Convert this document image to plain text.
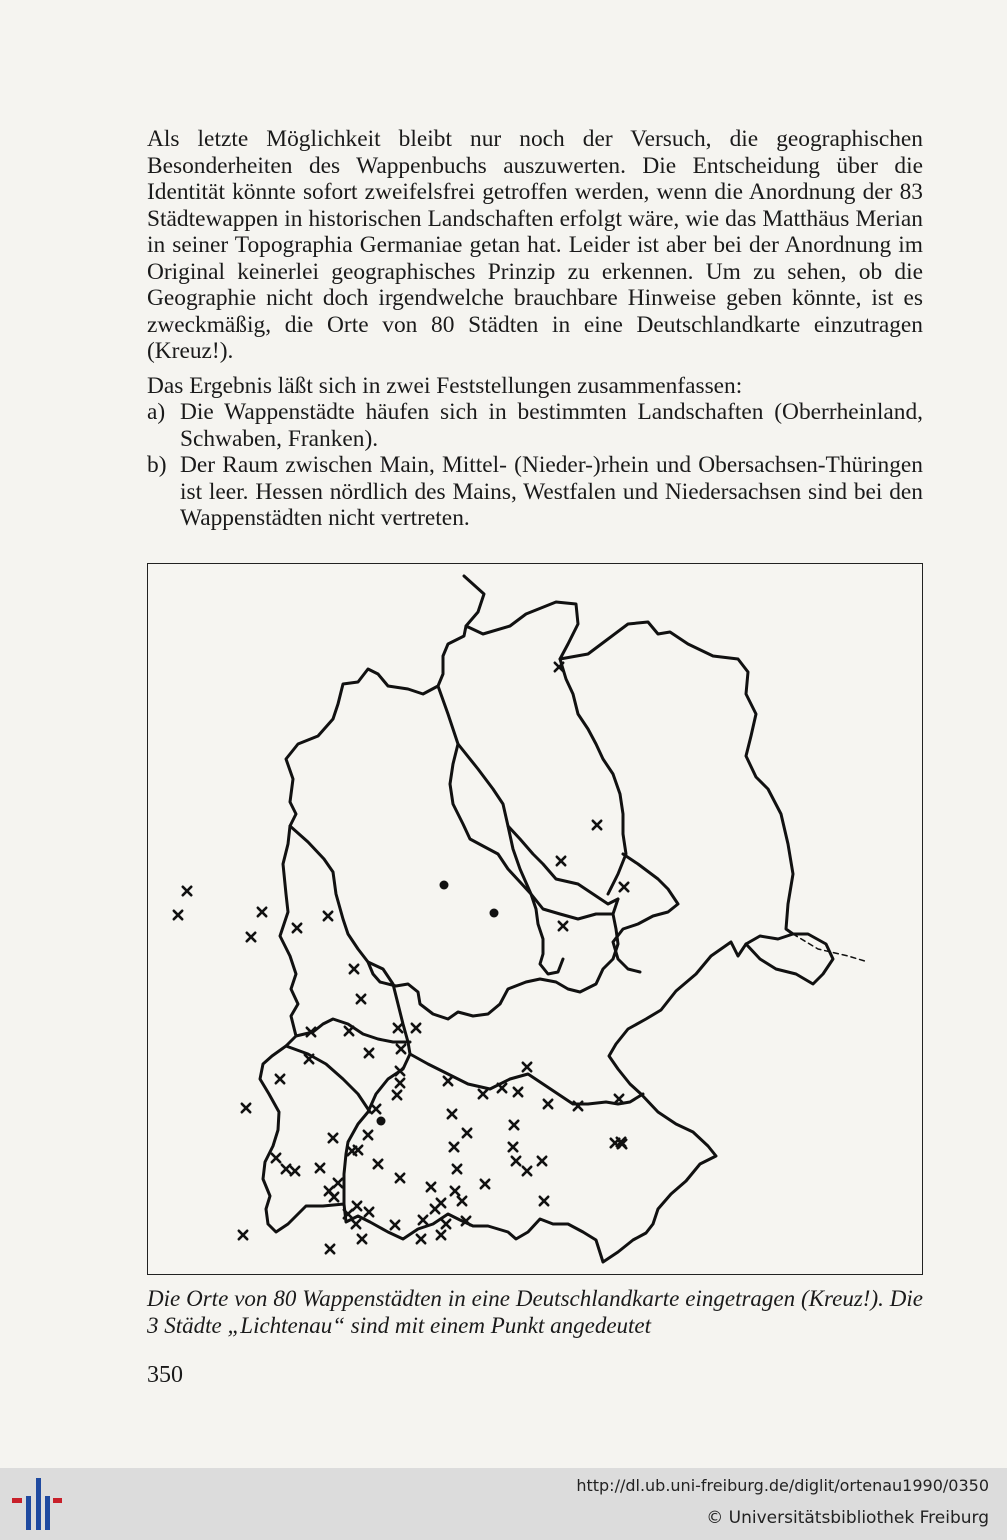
Als letzte Möglichkeit bleibt nur noch der Versuch, die geographischen Besonderheiten des Wappenbuchs auszuwerten. Die Entscheidung über die Identität könnte sofort zweifelsfrei getroffen werden, wenn die Anordnung der 83 Städtewappen in historischen Landschaften erfolgt wäre, wie das Matthäus Merian in seiner Topographia Germaniae getan hat. Leider ist aber bei der Anordnung im Original keinerlei geographisches Prinzip zu erkennen. Um zu sehen, ob die Geographie nicht doch irgendwelche brauchbare Hinweise geben könnte, ist es zweckmäßig, die Orte von 80 Städten in eine Deutschlandkarte einzutragen (Kreuz!).

Das Ergebnis läßt sich in zwei Feststellungen zusammenfassen:

a) Die Wappenstädte häufen sich in bestimmten Landschaften (Oberrheinland, Schwaben, Franken).
b) Der Raum zwischen Main, Mittel- (Nieder-)rhein und Obersachsen-Thüringen ist leer. Hessen nördlich des Mains, Westfalen und Niedersachsen sind bei den Wappenstädten nicht vertreten.

Die Orte von 80 Wappenstädten in eine Deutschlandkarte eingetragen (Kreuz!). Die 3 Städte „Lichtenau“ sind mit einem Punkt angedeutet

350
http://dl.ub.uni-freiburg.de/diglit/ortenau1990/0350
© Universitätsbibliothek Freiburg
